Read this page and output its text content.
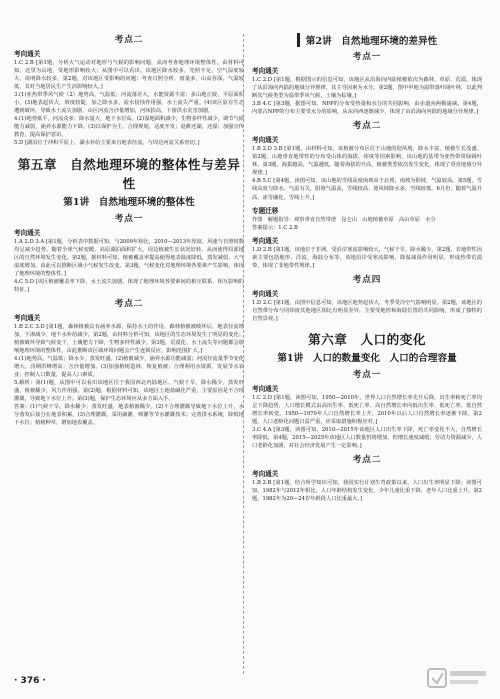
考点二
考向通关
1.C 2.B [第1题，分析大气运动对地形与气候的影响问题，从而考查地理环境整体性。由材料可知，这里为山地，受地形影响较大；从图中可以看出，该地区降水较多，光照不足，空气湿度较大，说明降水较多，第2题，对该地区受影响的问题；考查日照分析。雨量多，山高谷深，气温较低，其对当地居民生产生活影响较大，]
3.(1)亚热带季风气候（2）地势高，气温低；河流落差大，水能资源丰富；多山地丘陵，平原面积小。(3)地表起伏大，坡度较陡，加之降水多，流水侵蚀作用强，水土流失严重。(4)该区原有生态遭到破坏，导致水土流失加剧，山区河流含沙量增加，河床抬高，下游洪水灾害加剧。
4.(1)地势低平，河流众多；降水量大，地下水位高。(2)湿地面积减少，生物多样性减少，调节气候能力减弱，涵养水源能力下降。(3)以保护为主，合理规划，适度开发；退耕还湖，还湿；加强宣传教育，提高保护意识。
5.D [湖泊位于冲积平原上，湖水补给主要来自地表径流，与周边河流关系密切。]
第五章　自然地理环境的整体性与差异性
第1讲　自然地理环境的整体性
考点一
考向通关
1.A 2.D 3.A [第1题，分析表中数据可知，与2009年相比，2010—2013年厚度、风速与日照时数均呈减少趋势。随着全球气候变暖，高原湖泊面积扩大，周边植被生长状况好转，从而使得局部地区的自然环境发生变化。第2题，据材料可知，植被覆盖率提高使得地表温度降低，蒸发减弱，大气湿度增加，由此可以推断区域小气候发生改变。第3题，气候变化对地理环境各要素产生影响，体现了地理环境的整体性。]
4.C 5.D [该区植被覆盖率下降，水土流失加剧，体现了地理环境各要素间的相互联系、相互影响的特征。]
考点二
考向通关
1.B 2.C 3.D [第1题，森林植被具有涵养水源、保持水土的作用，森林植被被破坏后，地表径流增加，下渗减少，地下水补给减少。第2题，由材料分析可知，该地区的生态环境发生了明显的变化；植被破坏导致气候变干，土壤肥力下降，生物多样性减少。第3题，荒漠化、水土流失等问题都会影响地理环境的整体性，由此推断该区域环境问题会产生连锁反应，影响范围扩大。]
4.(1)地势高，气温低；降水少，蒸发旺盛。(2)植被减少，涵养水源功能减弱；河流径流量季节变化增大，汛期洪峰增高；含沙量增加。(3)加强植树造林，恢复植被；合理利用水资源，发展节水农业；控制人口数量，提高人口素质。
5.解析：第(1)题，从图中可以看出该地区位于我国西北内陆地区，气候干旱，降水稀少，蒸发旺盛，植被稀少，风力作用强。第(2)题，根据材料可知，该地区土地盐碱化严重，主要原因是不合理灌溉，导致地下水位上升。第(3)题，保护生态环境应从多方面入手。
答案：(1)气候干旱，降水稀少；蒸发旺盛，地表植被稀少。(2)不合理灌溉导致地下水位上升，水分蒸发后盐分在地表积累。(3)合理灌溉，采用滴灌、喷灌等节水灌溉技术；完善排水系统，降低地下水位；植树种草，增加地表覆盖。
第2讲　自然地理环境的差异性
考点一
考向通关
1.C 2.D [第1题，根据图示的信息可知，该地区从沿海向内陆植被依次为森林、草原、荒漠，体现了从沿海向内陆的地域分异规律，其主导因素为水分。第2题，图中甲地为温带落叶阔叶林，以此判断其气候类型为温带季风气候，土壤为棕壤。]
3.B 4.C [第3题，据图可知，NPP的分布受热量和水分的共同影响，由赤道向两极递减。第4题，内蒙古NPP的分布主要受水分的影响，从东向西逐渐减少，体现了由沿海向内陆的地域分异规律。]
考点二
考向通关
1.B 2.D 3.B [第1题，由材料可知，该植被分布区位于山地的迎风坡，降水丰富，植被生长茂盛。第2题，山地垂直地带性的分布受山体的海拔、纬度等因素影响，该山地的基带为亚热带常绿阔叶林。第3题，海拔越高，气温越低，随着海拔的升高，植被类型依次发生变化，体现了垂直地域分异规律。]
4.B 5.C [第4题，读图可知，该山地的雪线高度南坡高于北坡，南坡为阳坡，气温较高。第5题，雪线高度与降水、气温有关，阳坡气温高，雪线较高；迎风坡降水多，雪线较低。6月份，随着气温升高，冰雪融化，雪线上升。]
专题迁移
作图　解题指导：观察垂直自然带谱　昆仑山　山地植被草原　高山草原　水分
答案提示：1.C 2.B
考向通关
1.D 2.B [第1题，该地位于非洲，受沿岸寒流影响较大，气候干旱，降水稀少。第2题，非地带性因素主要包括地形、洋流、海陆分布等，该地沿岸受寒流影响，降温减湿作用明显，形成热带荒漠带，体现了非地带性规律。]
考点四
考向通关
1.D 2.C [第1题，由图中信息可知，该地区地势起伏大，冬季受冷空气影响明显。第2题，该地区的自然带分布与同纬度其他地区相比有明显差异，主要受地形和海陆位置的共同影响，形成了独特的自然景观。]
第六章　人口的变化
第1讲　人口的数量变化　人口的合理容量
考点一
考向通关
1.C 2.D [第1题，读图可知，1950—2010年，世界人口自然增长率先升后降，出生率和死亡率均呈下降趋势，人口增长模式由高出生率、低死亡率、高自然增长率向低出生率、低死亡率、低自然增长率转变。1950—1970年人口自然增长率上升，2010年以后人口自然增长率逐渐下降。第2题，人口老龄化问题日益严重，应采取措施积极应对。]
3.C 4.A [第3题，读图可知，2010—2015年该地区人口出生率下降，死亡率变化不大，自然增长率降低。第4题，2015—2025年该地区人口数量仍将增加，但增长速度减缓；劳动力资源减少，人口老龄化加剧，对社会经济发展产生一定影响。]
考点二
考向通关
1.B 2.B [第1题，结合所学知识可知，我国实行计划生育政策以来，人口出生率明显下降；读图可知，1982年与2012年相比，人口年龄结构发生变化，少年儿童比重下降，老年人口比重上升。第2题，1982年为20—24岁年龄段人口比重最大。]
· 376 ·
